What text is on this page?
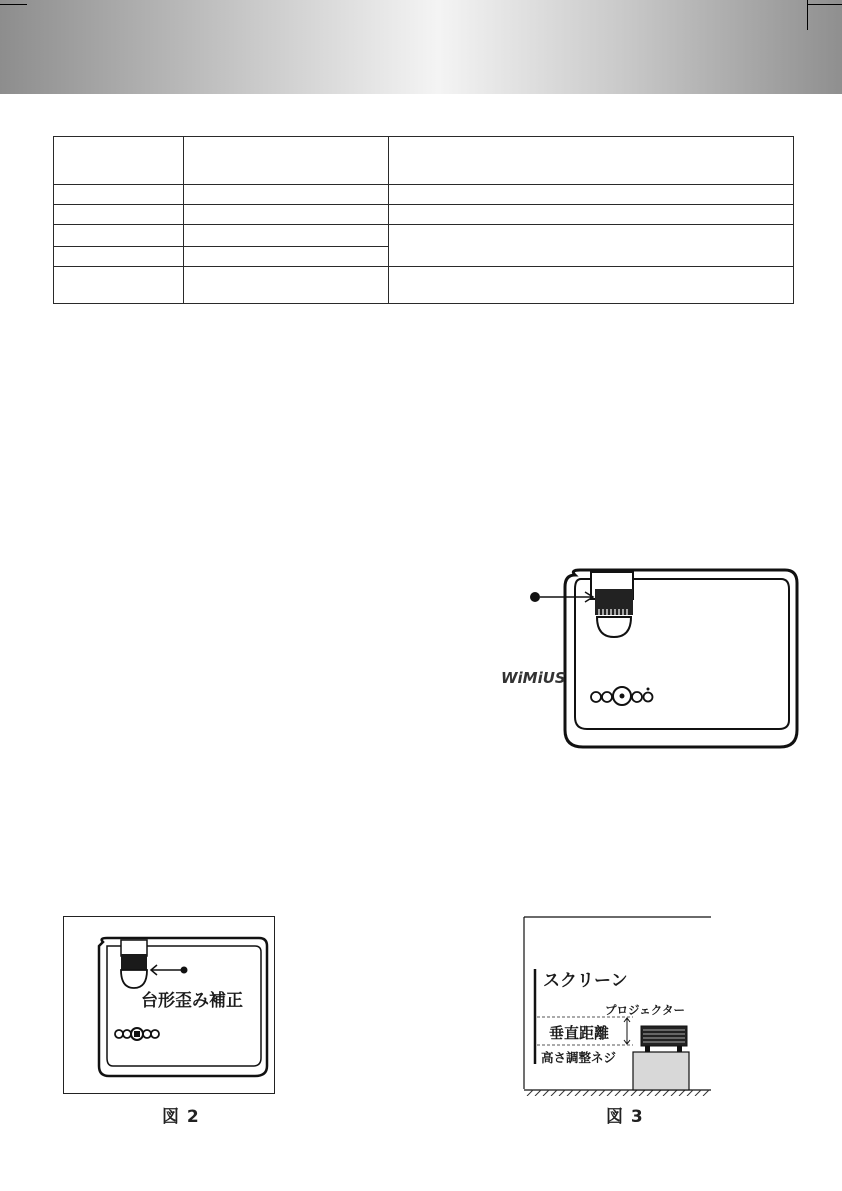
WiMiUS
台形歪み補正
図 2
スクリーン
プロジェクター
垂直距離
高さ調整ネジ
図 3
